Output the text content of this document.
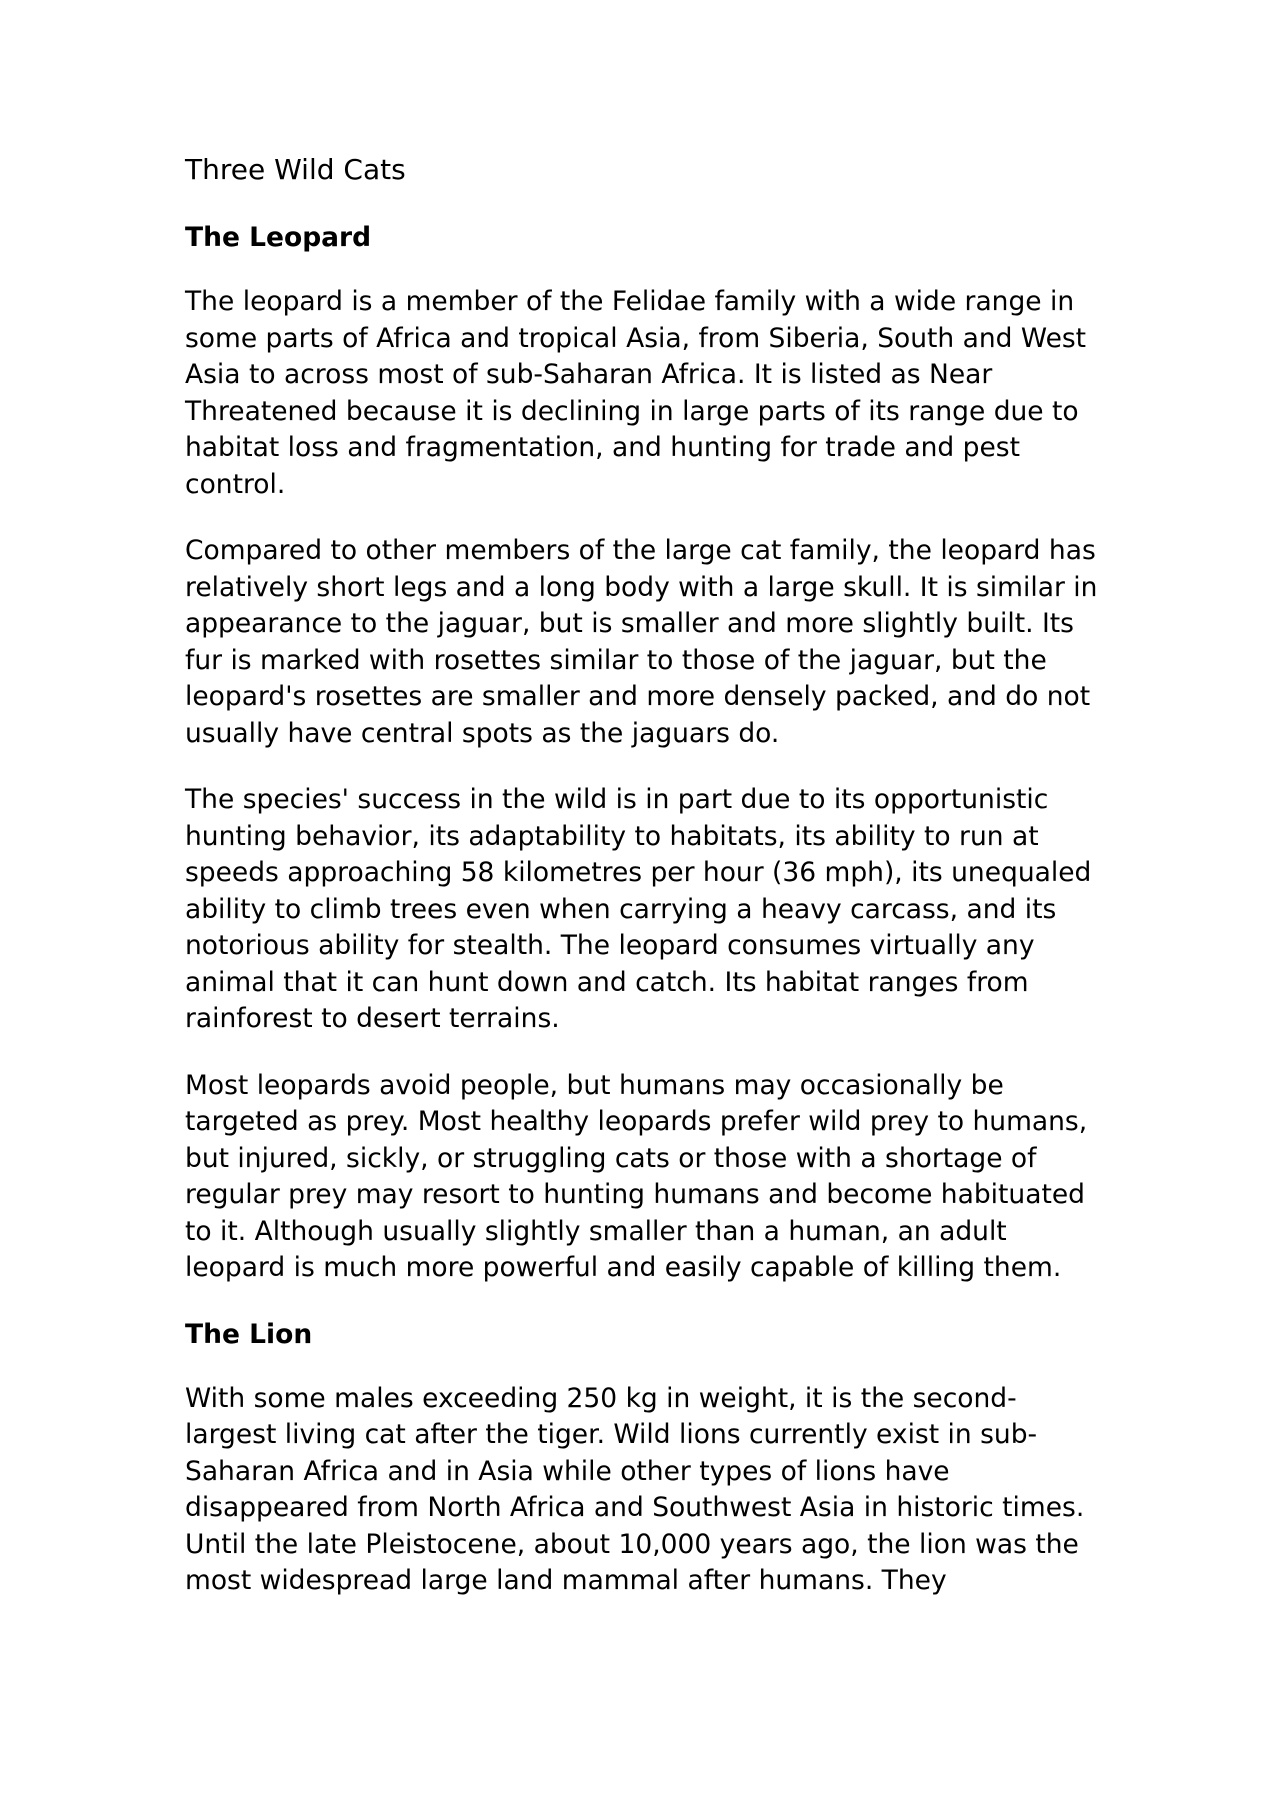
Three Wild Cats
The Leopard

The leopard is a member of the Felidae family with a wide range in some parts of Africa and tropical Asia, from Siberia, South and West Asia to across most of sub-Saharan Africa. It is listed as Near Threatened because it is declining in large parts of its range due to habitat loss and fragmentation, and hunting for trade and pest control.

Compared to other members of the large cat family, the leopard has relatively short legs and a long body with a large skull. It is similar in appearance to the jaguar, but is smaller and more slightly built. Its fur is marked with rosettes similar to those of the jaguar, but the leopard's rosettes are smaller and more densely packed, and do not usually have central spots as the jaguars do.

The species' success in the wild is in part due to its opportunistic hunting behavior, its adaptability to habitats, its ability to run at speeds approaching 58 kilometres per hour (36 mph), its unequaled ability to climb trees even when carrying a heavy carcass, and its notorious ability for stealth. The leopard consumes virtually any animal that it can hunt down and catch. Its habitat ranges from rainforest to desert terrains.

Most leopards avoid people, but humans may occasionally be targeted as prey. Most healthy leopards prefer wild prey to humans, but injured, sickly, or struggling cats or those with a shortage of regular prey may resort to hunting humans and become habituated to it. Although usually slightly smaller than a human, an adult leopard is much more powerful and easily capable of killing them.

The Lion

With some males exceeding 250 kg in weight, it is the second-largest living cat after the tiger. Wild lions currently exist in sub-Saharan Africa and in Asia while other types of lions have disappeared from North Africa and Southwest Asia in historic times. Until the late Pleistocene, about 10,000 years ago, the lion was the most widespread large land mammal after humans. They
